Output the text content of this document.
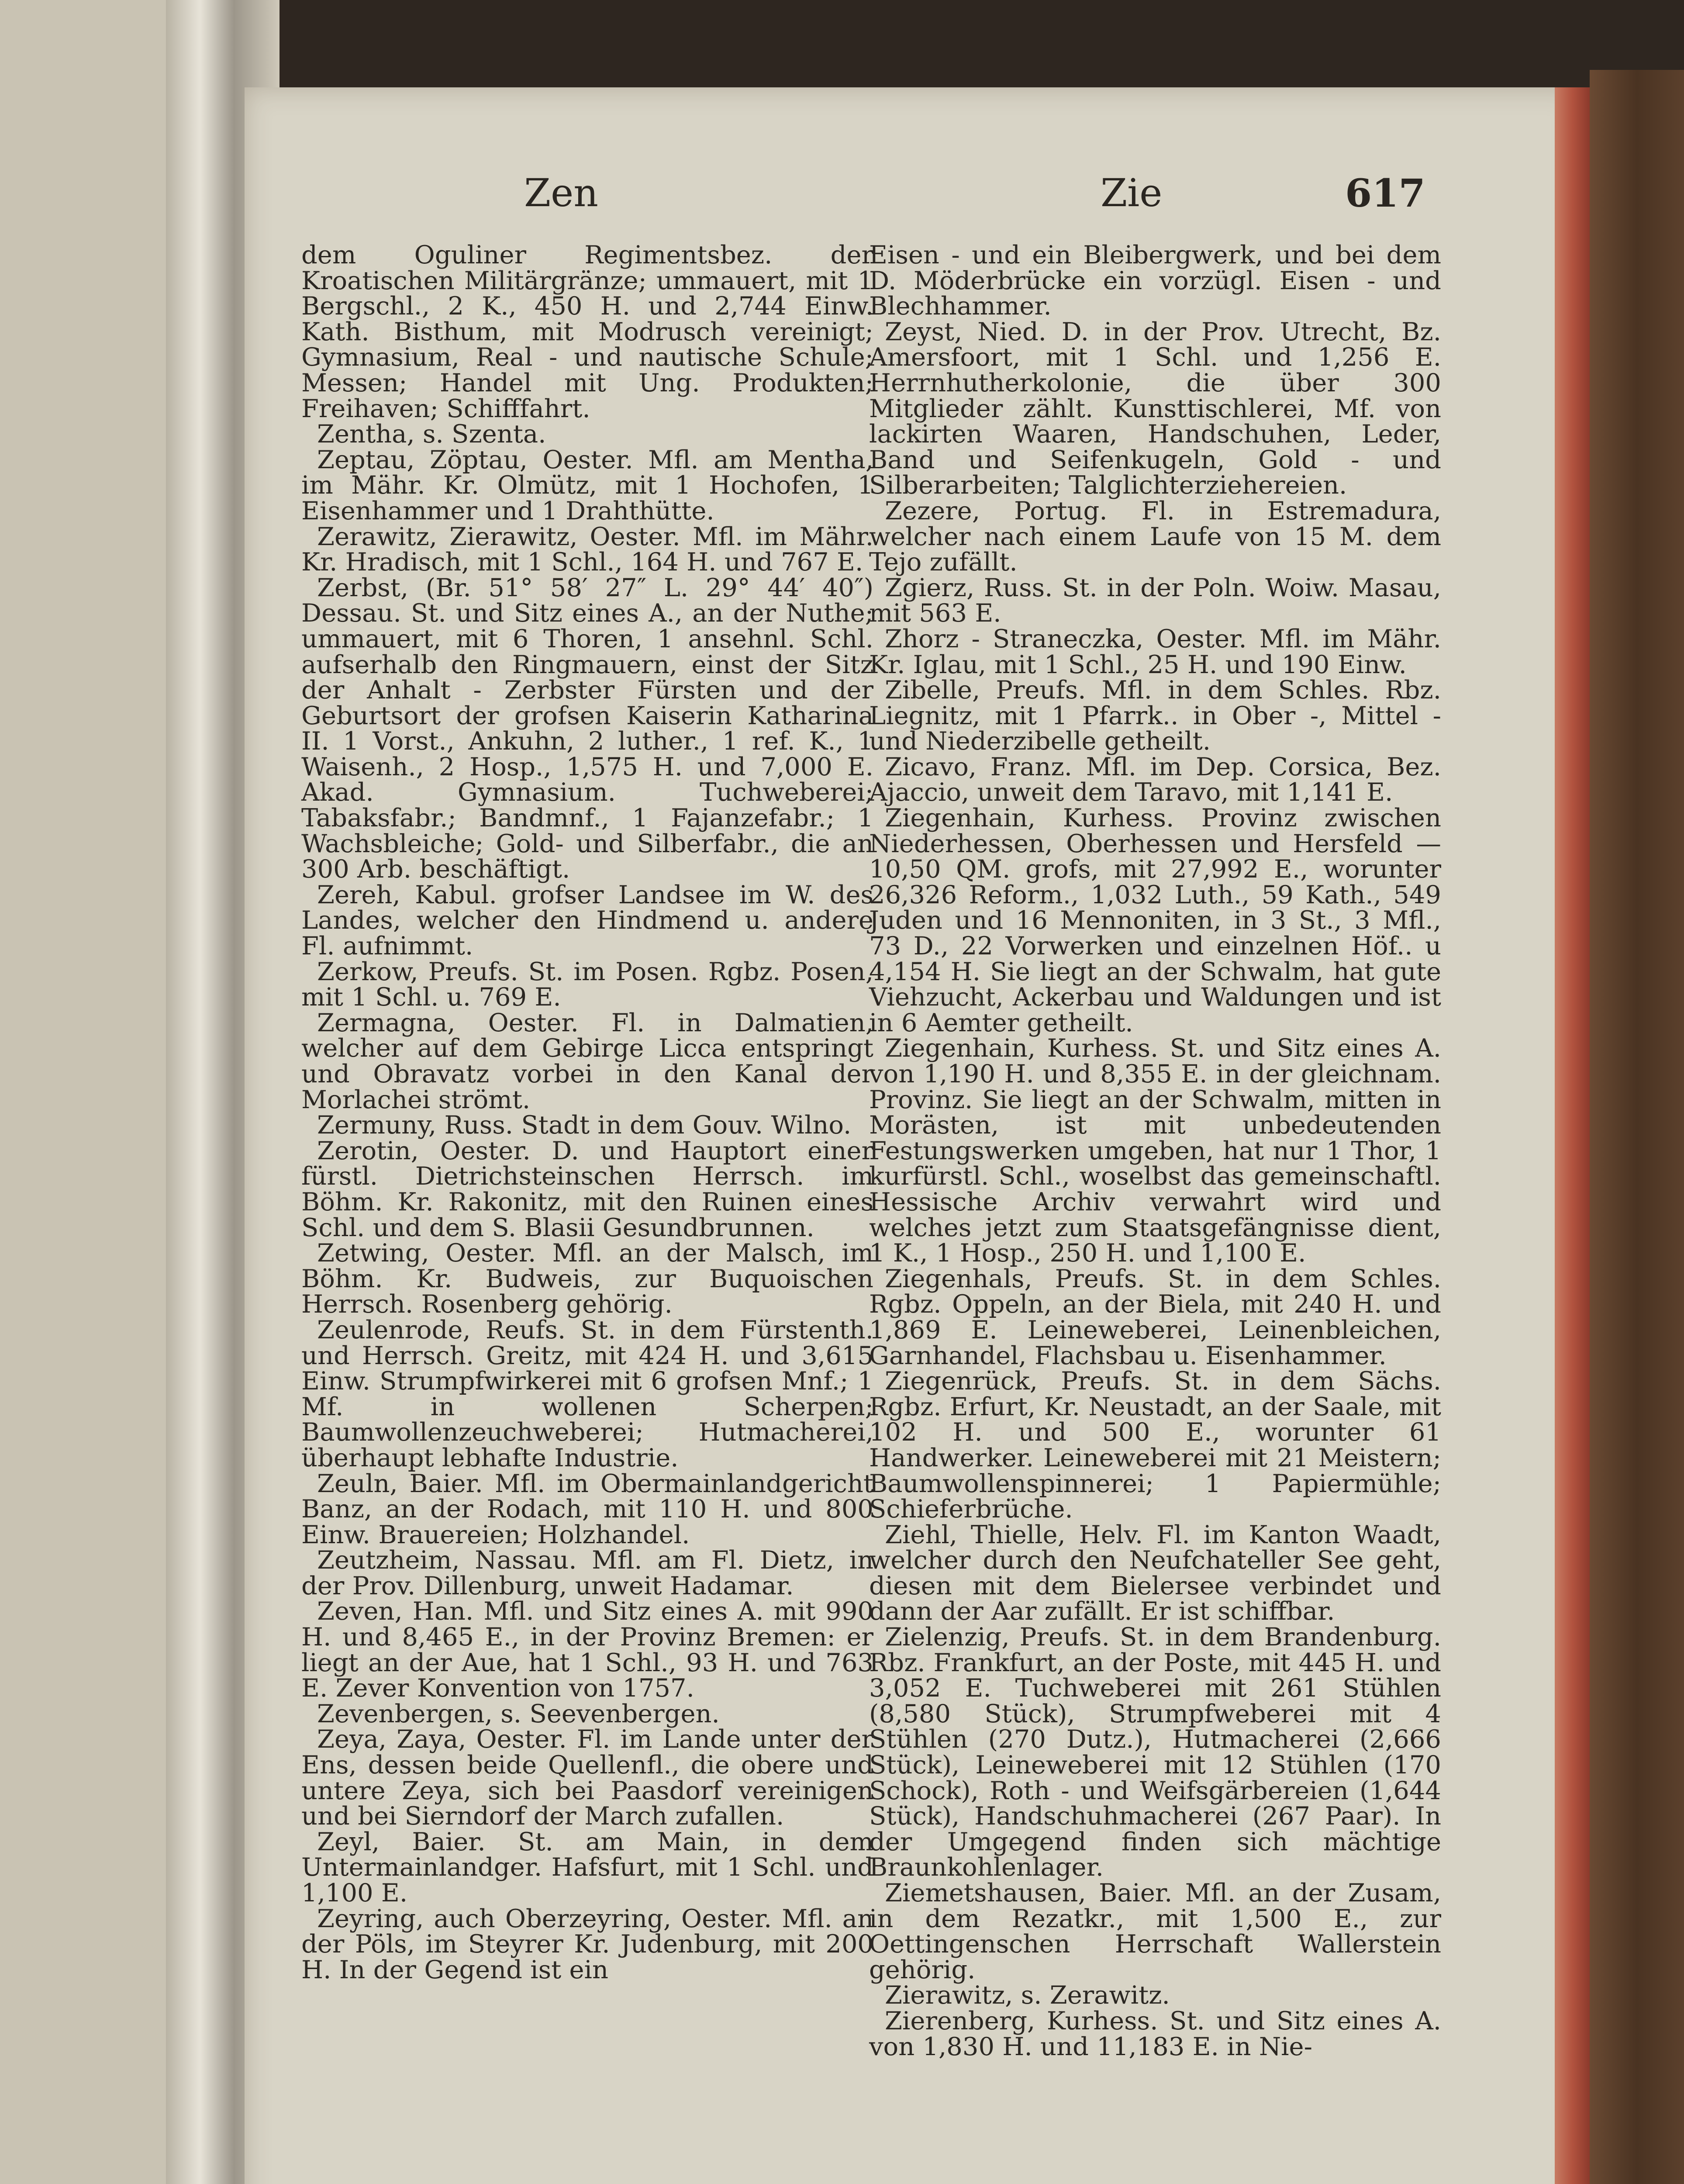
Zen	Zie	617

dem Oguliner Regimentsbez. der Kroatischen Militärgränze; ummauert, mit 1 Bergschl., 2 K., 450 H. und 2,744 Einw. Kath. Bisthum, mit Modrusch vereinigt; Gymnasium, Real - und nautische Schule; Messen; Handel mit Ung. Produkten; Freihaven; Schifffahrt.

Zentha, s. Szenta.

Zeptau, Zöptau, Oester. Mfl. am Mentha, im Mähr. Kr. Olmütz, mit 1 Hochofen, 1 Eisenhammer und 1 Drahthütte.

Zerawitz, Zierawitz, Oester. Mfl. im Mähr. Kr. Hradisch, mit 1 Schl., 164 H. und 767 E.

Zerbst, (Br. 51° 58′ 27″ L. 29° 44′ 40″) Dessau. St. und Sitz eines A., an der Nuthe; ummauert, mit 6 Thoren, 1 ansehnl. Schl. aufserhalb den Ringmauern, einst der Sitz der Anhalt - Zerbster Fürsten und der Geburtsort der grofsen Kaiserin Katharina II. 1 Vorst., Ankuhn, 2 luther., 1 ref. K., 1 Waisenh., 2 Hosp., 1,575 H. und 7,000 E. Akad. Gymnasium. Tuchweberei; Tabaksfabr.; Bandmnf., 1 Fajanzefabr.; 1 Wachsbleiche; Gold- und Silberfabr., die an 300 Arb. beschäftigt.

Zereh, Kabul. grofser Landsee im W. des Landes, welcher den Hindmend u. andere Fl. aufnimmt.

Zerkow, Preufs. St. im Posen. Rgbz. Posen, mit 1 Schl. u. 769 E.

Zermagna, Oester. Fl. in Dalmatien, welcher auf dem Gebirge Licca entspringt und Obravatz vorbei in den Kanal der Morlachei strömt.

Zermuny, Russ. Stadt in dem Gouv. Wilno.

Zerotin, Oester. D. und Hauptort einer fürstl. Dietrichsteinschen Herrsch. im Böhm. Kr. Rakonitz, mit den Ruinen eines Schl. und dem S. Blasii Gesundbrunnen.

Zetwing, Oester. Mfl. an der Malsch, im Böhm. Kr. Budweis, zur Buquoischen Herrsch. Rosenberg gehörig.

Zeulenrode, Reufs. St. in dem Fürstenth. und Herrsch. Greitz, mit 424 H. und 3,615 Einw. Strumpfwirkerei mit 6 grofsen Mnf.; 1 Mf. in wollenen Scherpen; Baumwollenzeuchweberei; Hutmacherei, überhaupt lebhafte Industrie.

Zeuln, Baier. Mfl. im Obermainlandgericht Banz, an der Rodach, mit 110 H. und 800 Einw. Brauereien; Holzhandel.

Zeutzheim, Nassau. Mfl. am Fl. Dietz, in der Prov. Dillenburg, unweit Hadamar.

Zeven, Han. Mfl. und Sitz eines A. mit 990 H. und 8,465 E., in der Provinz Bremen: er liegt an der Aue, hat 1 Schl., 93 H. und 763 E. Zever Konvention von 1757.

Zevenbergen, s. Seevenbergen.

Zeya, Zaya, Oester. Fl. im Lande unter der Ens, dessen beide Quellenfl., die obere und untere Zeya, sich bei Paasdorf vereinigen und bei Sierndorf der March zufallen.

Zeyl, Baier. St. am Main, in dem Untermainlandger. Hafsfurt, mit 1 Schl. und 1,100 E.

Zeyring, auch Oberzeyring, Oester. Mfl. an der Pöls, im Steyrer Kr. Judenburg, mit 200 H. In der Gegend ist ein

Eisen - und ein Bleibergwerk, und bei dem D. Möderbrücke ein vorzügl. Eisen - und Blechhammer.

Zeyst, Nied. D. in der Prov. Utrecht, Bz. Amersfoort, mit 1 Schl. und 1,256 E. Herrnhutherkolonie, die über 300 Mitglieder zählt. Kunsttischlerei, Mf. von lackirten Waaren, Handschuhen, Leder, Band und Seifenkugeln, Gold - und Silberarbeiten; Talglichterziehereien.

Zezere, Portug. Fl. in Estremadura, welcher nach einem Laufe von 15 M. dem Tejo zufällt.

Zgierz, Russ. St. in der Poln. Woiw. Masau, mit 563 E.

Zhorz - Straneczka, Oester. Mfl. im Mähr. Kr. Iglau, mit 1 Schl., 25 H. und 190 Einw.

Zibelle, Preufs. Mfl. in dem Schles. Rbz. Liegnitz, mit 1 Pfarrk.. in Ober -, Mittel - und Niederzibelle getheilt.

Zicavo, Franz. Mfl. im Dep. Corsica, Bez. Ajaccio, unweit dem Taravo, mit 1,141 E.

Ziegenhain, Kurhess. Provinz zwischen Niederhessen, Oberhessen und Hersfeld — 10,50 QM. grofs, mit 27,992 E., worunter 26,326 Reform., 1,032 Luth., 59 Kath., 549 Juden und 16 Mennoniten, in 3 St., 3 Mfl., 73 D., 22 Vorwerken und einzelnen Höf.. u 4,154 H. Sie liegt an der Schwalm, hat gute Viehzucht, Ackerbau und Waldungen und ist in 6 Aemter getheilt.

Ziegenhain, Kurhess. St. und Sitz eines A. von 1,190 H. und 8,355 E. in der gleichnam. Provinz. Sie liegt an der Schwalm, mitten in Morästen, ist mit unbedeutenden Festungswerken umgeben, hat nur 1 Thor, 1 kurfürstl. Schl., woselbst das gemeinschaftl. Hessische Archiv verwahrt wird und welches jetzt zum Staatsgefängnisse dient, 1 K., 1 Hosp., 250 H. und 1,100 E.

Ziegenhals, Preufs. St. in dem Schles. Rgbz. Oppeln, an der Biela, mit 240 H. und 1,869 E. Leineweberei, Leinenbleichen, Garnhandel, Flachsbau u. Eisenhammer.

Ziegenrück, Preufs. St. in dem Sächs. Rgbz. Erfurt, Kr. Neustadt, an der Saale, mit 102 H. und 500 E., worunter 61 Handwerker. Leineweberei mit 21 Meistern; Baumwollenspinnerei; 1 Papiermühle; Schieferbrüche.

Ziehl, Thielle, Helv. Fl. im Kanton Waadt, welcher durch den Neufchateller See geht, diesen mit dem Bielersee verbindet und dann der Aar zufällt. Er ist schiffbar.

Zielenzig, Preufs. St. in dem Brandenburg. Rbz. Frankfurt, an der Poste, mit 445 H. und 3,052 E. Tuchweberei mit 261 Stühlen (8,580 Stück), Strumpfweberei mit 4 Stühlen (270 Dutz.), Hutmacherei (2,666 Stück), Leineweberei mit 12 Stühlen (170 Schock), Roth - und Weifsgärbereien (1,644 Stück), Handschuhmacherei (267 Paar). In der Umgegend finden sich mächtige Braunkohlenlager.

Ziemetshausen, Baier. Mfl. an der Zusam, in dem Rezatkr., mit 1,500 E., zur Oettingenschen Herrschaft Wallerstein gehörig.

Zierawitz, s. Zerawitz.

Zierenberg, Kurhess. St. und Sitz eines A. von 1,830 H. und 11,183 E. in Nie-
